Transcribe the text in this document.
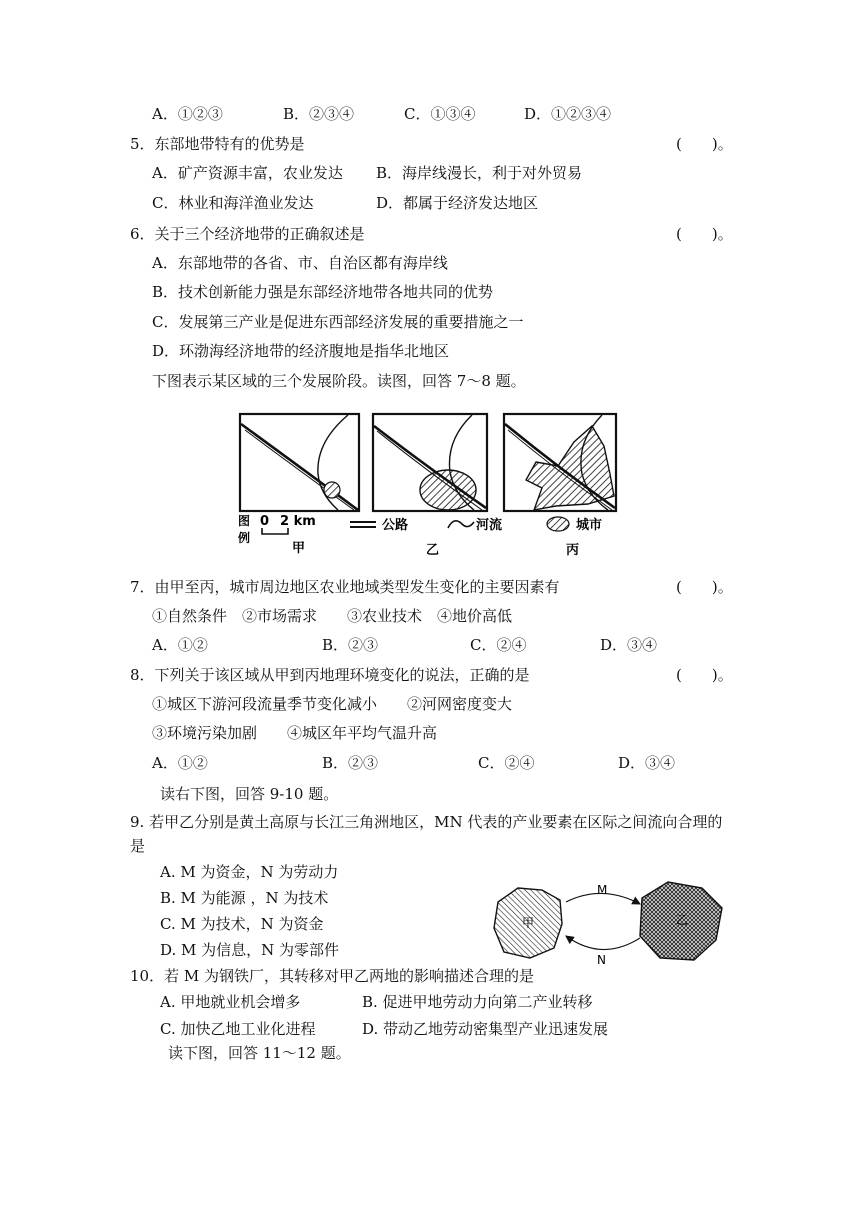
A．①②③	B．②③④	C．①③④	D．①②③④
5．东部地带特有的优势是	(　　)。
A．矿产资源丰富，农业发达 B．海岸线漫长，利于对外贸易
C．林业和海洋渔业发达	D．都属于经济发达地区
6．关于三个经济地带的正确叙述是	(　　)。
A．东部地带的各省、市、自治区都有海岸线
B．技术创新能力强是东部经济地带各地共同的优势
C．发展第三产业是促进东西部经济发展的重要措施之一
D．环渤海经济地带的经济腹地是指华北地区
下图表示某区域的三个发展阶段。读图，回答 7～8 题。
图
例
0 2 km
甲
公路
乙
河流	城市
丙
7．由甲至丙，城市周边地区农业地域类型发生变化的主要因素有	(　　)。
①自然条件　②市场需求　　③农业技术　④地价高低
A．①②	B．②③	C．②④	D．③④
8．下列关于该区域从甲到丙地理环境变化的说法，正确的是	(　　)。
①城区下游河段流量季节变化减小　　②河网密度变大
③环境污染加剧　　④城区年平均气温升高
A．①②	B．②③	C．②④	D．③④
读右下图，回答 9-10 题。
9. 若甲乙分别是黄土高原与长江三角洲地区，MN 代表的产业要素在区际之间流向合理的
是
A. M 为资金，N 为劳动力
B. M 为能源 ，N 为技术
C. M 为技术，N 为资金
D. M 为信息，N 为零部件
甲	乙
M
N
10．若 M 为钢铁厂，其转移对甲乙两地的影响描述合理的是
A. 甲地就业机会增多	B. 促进甲地劳动力向第二产业转移
C. 加快乙地工业化进程	D. 带动乙地劳动密集型产业迅速发展
读下图，回答 11～12 题。
